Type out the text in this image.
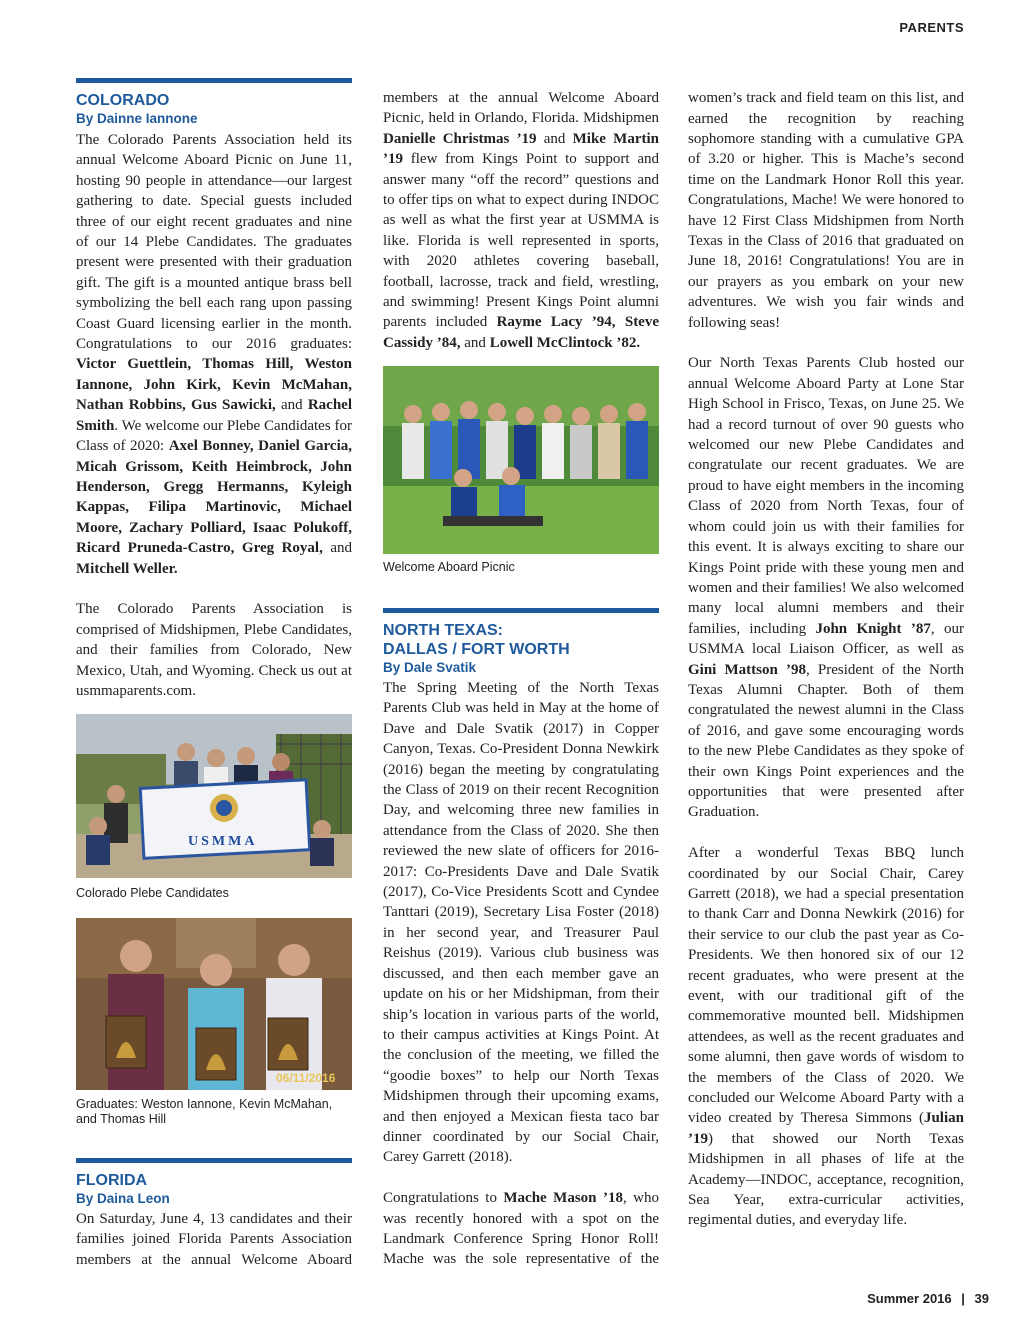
PARENTS
COLORADO
By Dainne Iannone

The Colorado Parents Association held its annual Welcome Aboard Picnic on June 11, hosting 90 people in attendance—our largest gathering to date. Special guests included three of our eight recent graduates and nine of our 14 Plebe Candidates. The graduates present were presented with their graduation gift. The gift is a mounted antique brass bell symbolizing the bell each rang upon passing Coast Guard licensing earlier in the month. Congratulations to our 2016 graduates: Victor Guettlein, Thomas Hill, Weston Iannone, John Kirk, Kevin McMahan, Nathan Robbins, Gus Sawicki, and Rachel Smith. We welcome our Plebe Candidates for Class of 2020: Axel Bonney, Daniel Garcia, Micah Grissom, Keith Heimbrock, John Henderson, Gregg Hermanns, Kyleigh Kappas, Filipa Martinovic, Michael Moore, Zachary Polliard, Isaac Polukoff, Ricard Pruneda-Castro, Greg Royal, and Mitchell Weller.

The Colorado Parents Association is comprised of Midshipmen, Plebe Candidates, and their families from Colorado, New Mexico, Utah, and Wyoming. Check us out at usmmaparents.com.

USMMA
Colorado Plebe Candidates
06/11/2016
Graduates: Weston Iannone, Kevin McMahan, and Thomas Hill
FLORIDA
By Daina Leon

On Saturday, June 4, 13 candidates and their families joined Florida Parents Association members at the annual Welcome Aboard

members at the annual Welcome Aboard Picnic, held in Orlando, Florida. Midshipmen Danielle Christmas ’19 and Mike Martin ’19 flew from Kings Point to support and answer many “off the record” questions and to offer tips on what to expect during INDOC as well as what the first year at USMMA is like. Florida is well represented in sports, with 2020 athletes covering baseball, football, lacrosse, track and field, wrestling, and swimming! Present Kings Point alumni parents included Rayme Lacy ’94, Steve Cassidy ’84, and Lowell McClintock ’82.

Welcome Aboard Picnic
NORTH TEXAS:
DALLAS / FORT WORTH
By Dale Svatik

The Spring Meeting of the North Texas Parents Club was held in May at the home of Dave and Dale Svatik (2017) in Copper Canyon, Texas. Co-President Donna Newkirk (2016) began the meeting by congratulating the Class of 2019 on their recent Recognition Day, and welcoming three new families in attendance from the Class of 2020. She then reviewed the new slate of officers for 2016-2017: Co-Presidents Dave and Dale Svatik (2017), Co-Vice Presidents Scott and Cyndee Tanttari (2019), Secretary Lisa Foster (2018) in her second year, and Treasurer Paul Reishus (2019). Various club business was discussed, and then each member gave an update on his or her Midshipman, from their ship’s location in various parts of the world, to their campus activities at Kings Point. At the conclusion of the meeting, we filled the “goodie boxes” to help our North Texas Midshipmen through their upcoming exams, and then enjoyed a Mexican fiesta taco bar dinner coordinated by our Social Chair, Carey Garrett (2018).

Congratulations to Mache Mason ’18, who was recently honored with a spot on the Landmark Conference Spring Honor Roll! Mache was the sole representative of the

women’s track and field team on this list, and earned the recognition by reaching sophomore standing with a cumulative GPA of 3.20 or higher. This is Mache’s second time on the Landmark Honor Roll this year. Congratulations, Mache! We were honored to have 12 First Class Midshipmen from North Texas in the Class of 2016 that graduated on June 18, 2016! Congratulations! You are in our prayers as you embark on your new adventures. We wish you fair winds and following seas!

Our North Texas Parents Club hosted our annual Welcome Aboard Party at Lone Star High School in Frisco, Texas, on June 25. We had a record turnout of over 90 guests who welcomed our new Plebe Candidates and congratulate our recent graduates. We are proud to have eight members in the incoming Class of 2020 from North Texas, four of whom could join us with their families for this event. It is always exciting to share our Kings Point pride with these young men and women and their families! We also welcomed many local alumni members and their families, including John Knight ’87, our USMMA local Liaison Officer, as well as Gini Mattson ’98, President of the North Texas Alumni Chapter. Both of them congratulated the newest alumni in the Class of 2016, and gave some encouraging words to the new Plebe Candidates as they spoke of their own Kings Point experiences and the opportunities that were presented after Graduation.

After a wonderful Texas BBQ lunch coordinated by our Social Chair, Carey Garrett (2018), we had a special presentation to thank Carr and Donna Newkirk (2016) for their service to our club the past year as Co-Presidents. We then honored six of our 12 recent graduates, who were present at the event, with our traditional gift of the commemorative mounted bell. Midshipmen attendees, as well as the recent graduates and some alumni, then gave words of wisdom to the members of the Class of 2020. We concluded our Welcome Aboard Party with a video created by Theresa Simmons (Julian ’19) that showed our North Texas Midshipmen in all phases of life at the Academy—INDOC, acceptance, recognition, Sea Year, extra-curricular activities, regimental duties, and everyday life.

Summer 2016 | 39
